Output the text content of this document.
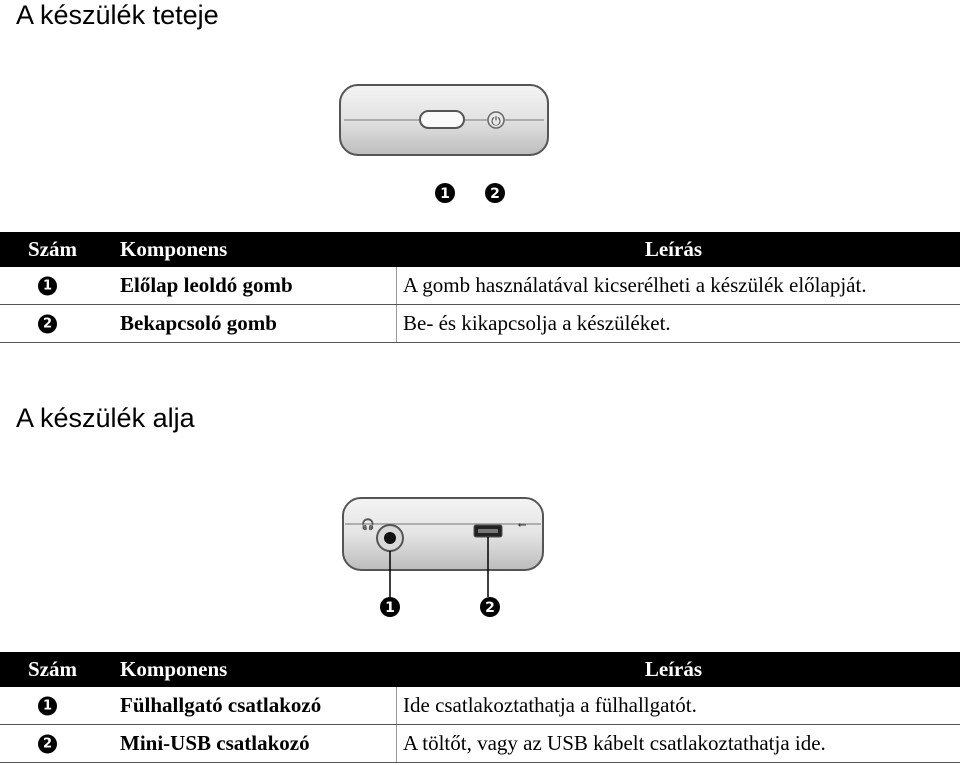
A készülék teteje
⏻
1	2
Szám	Komponens	Leírás

1	Előlap leoldó gomb	A gomb használatával kicserélheti a készülék előlapját.

2	Bekapcsoló gomb	Be- és kikapcsolja a készüléket.
A készülék alja
🎧	⭠
1	2
Szám	Komponens	Leírás

1	Fülhallgató csatlakozó	Ide csatlakoztathatja a fülhallgatót.

2	Mini-USB csatlakozó	A töltőt, vagy az USB kábelt csatlakoztathatja ide.
